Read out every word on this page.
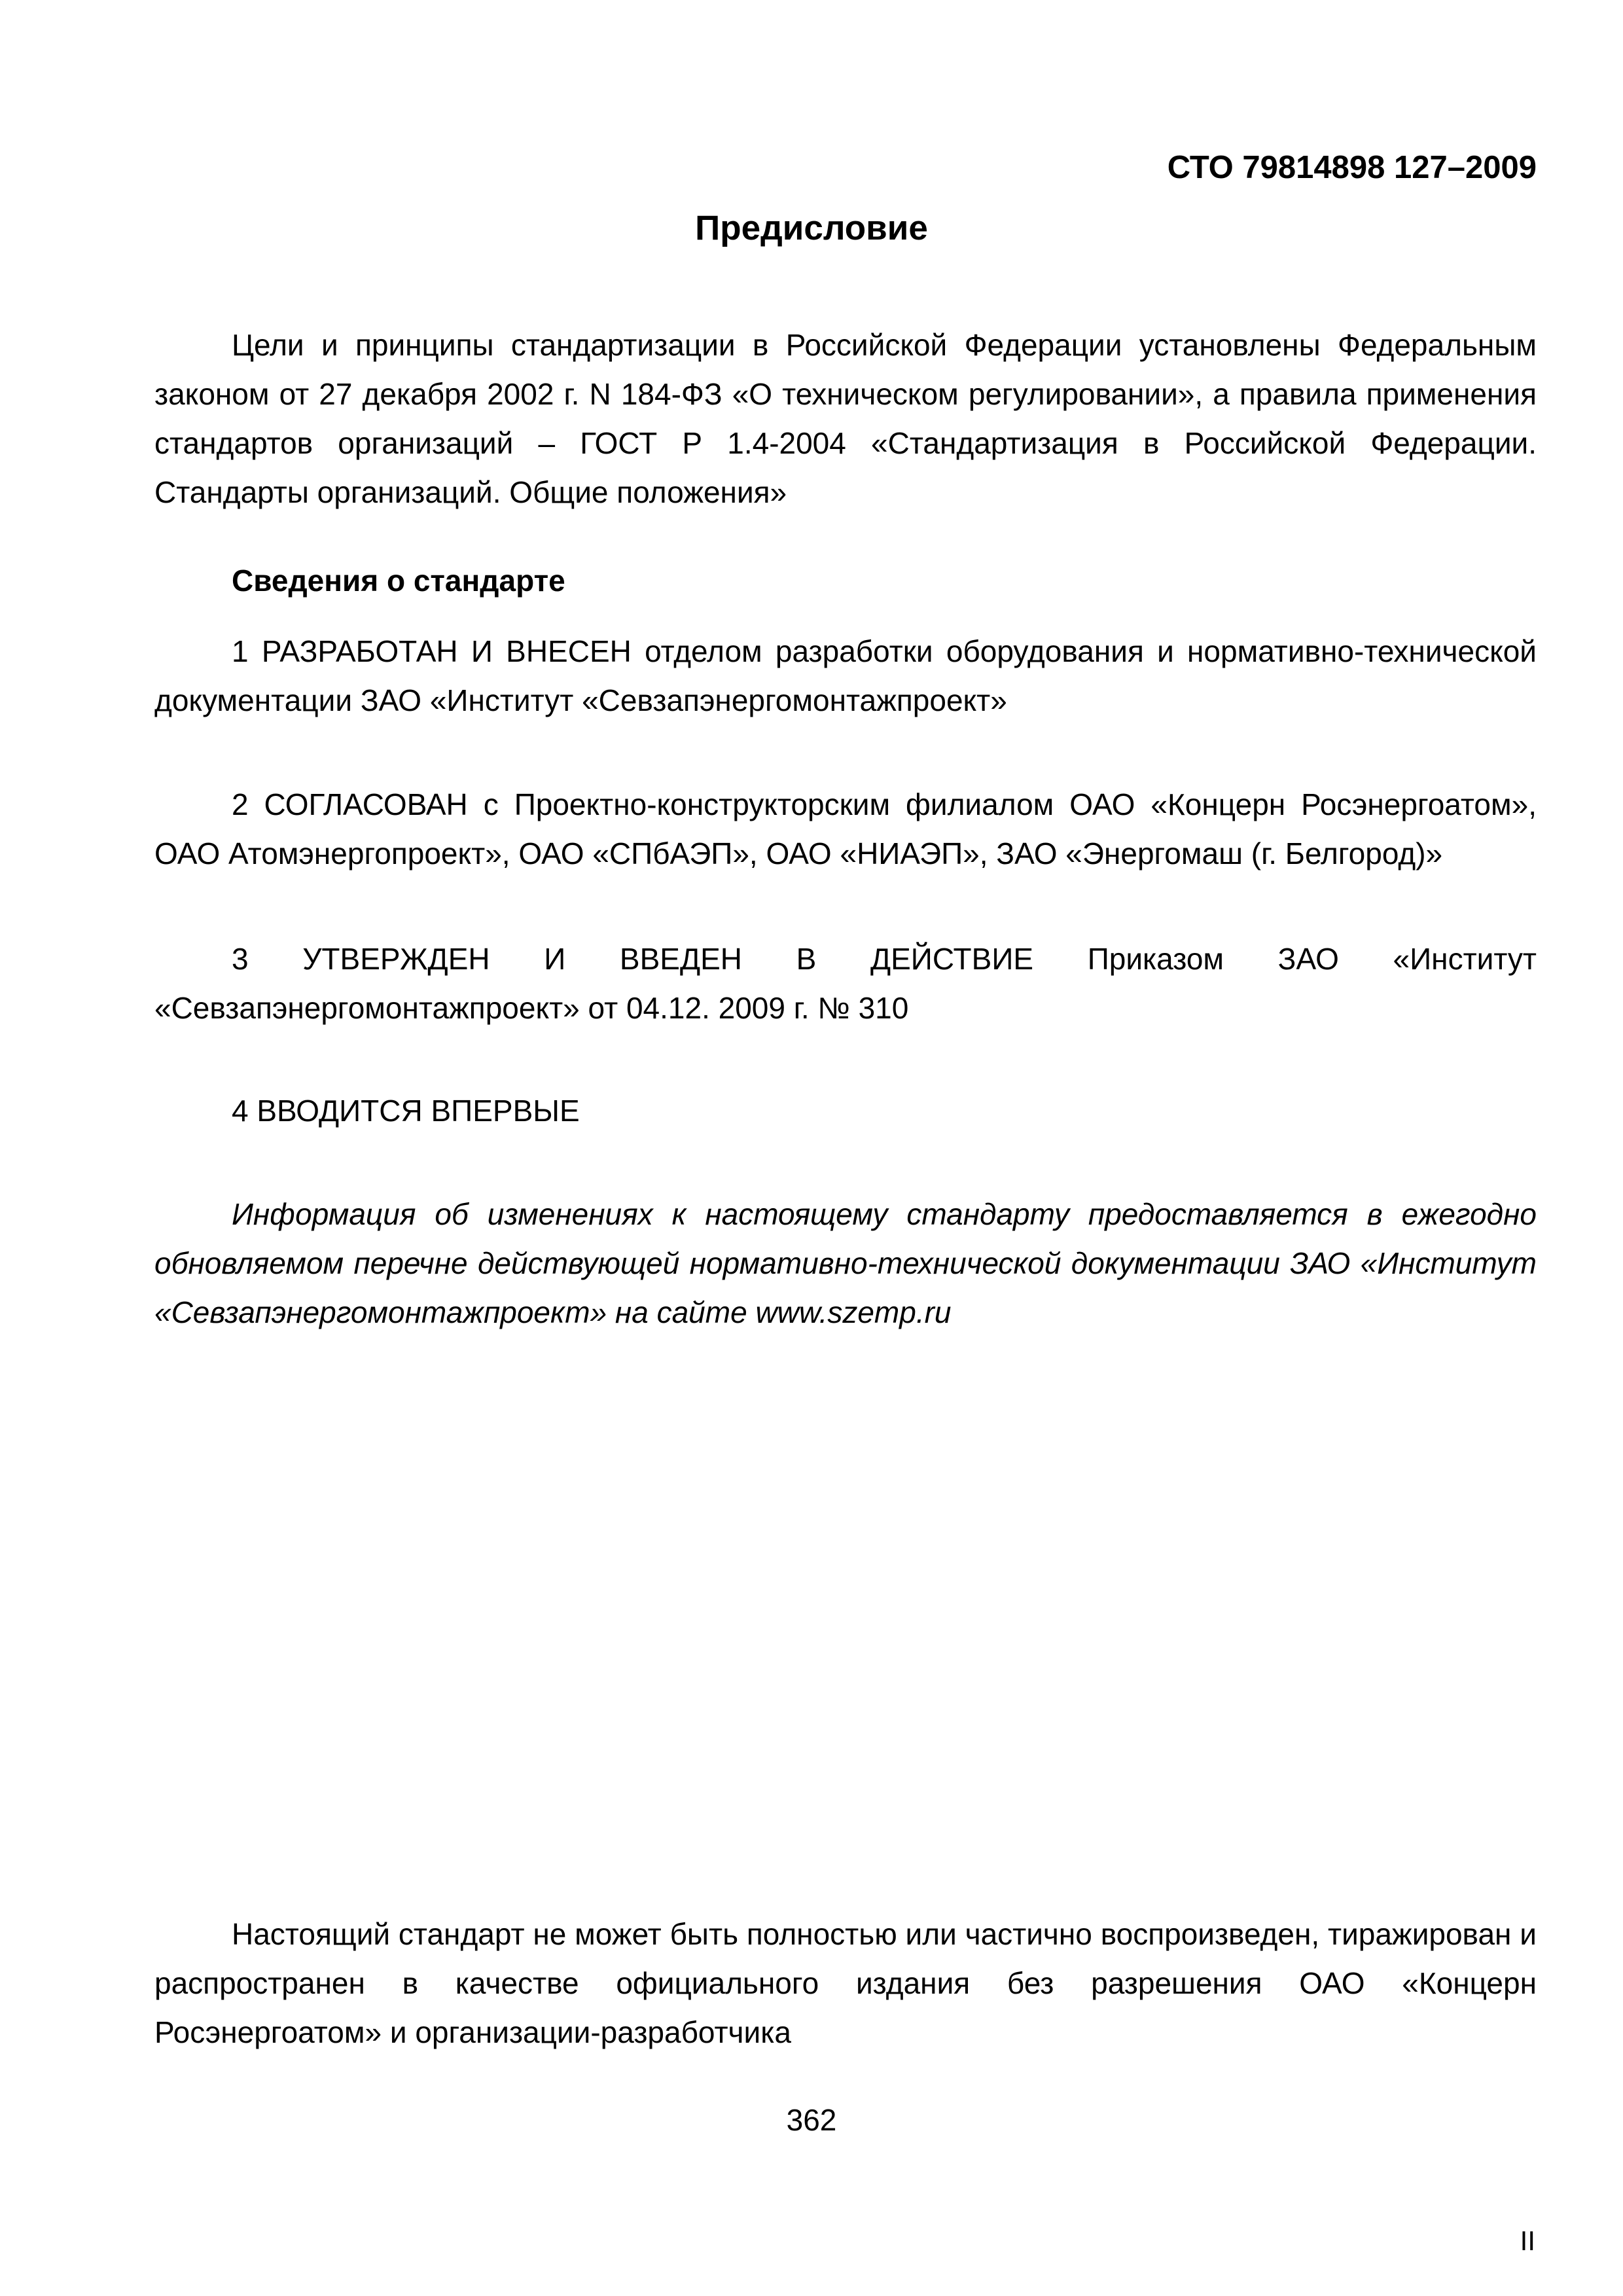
СТО 79814898 127–2009
Предисловие
Цели и принципы стандартизации в Российской Федерации установлены Федеральным законом от 27 декабря 2002 г. N 184-ФЗ «О техническом регулировании», а правила применения стандартов организаций – ГОСТ Р 1.4-2004 «Стандартизация в Российской Федерации. Стандарты организаций. Общие положения»
Сведения о стандарте
1 РАЗРАБОТАН И ВНЕСЕН отделом разработки оборудования и нормативно-технической документации ЗАО «Институт «Севзапэнергомонтажпроект»
2 СОГЛАСОВАН с Проектно-конструкторским филиалом ОАО «Концерн Росэнергоатом», ОАО Атомэнергопроект», ОАО «СПбАЭП», ОАО «НИАЭП», ЗАО «Энергомаш (г. Белгород)»
3 УТВЕРЖДЕН И ВВЕДЕН В ДЕЙСТВИЕ Приказом ЗАО «Институт «Севзапэнергомонтажпроект» от 04.12. 2009 г. № 310
4 ВВОДИТСЯ ВПЕРВЫЕ
Информация об изменениях к настоящему стандарту предоставляется в ежегодно обновляемом перечне действующей нормативно-технической документации ЗАО «Институт «Севзапэнергомонтажпроект» на сайте www.szemp.ru
Настоящий стандарт не может быть полностью или частично воспроизведен, тиражирован и распространен в качестве официального издания без разрешения ОАО «Концерн Росэнергоатом» и организации-разработчика
362
II
